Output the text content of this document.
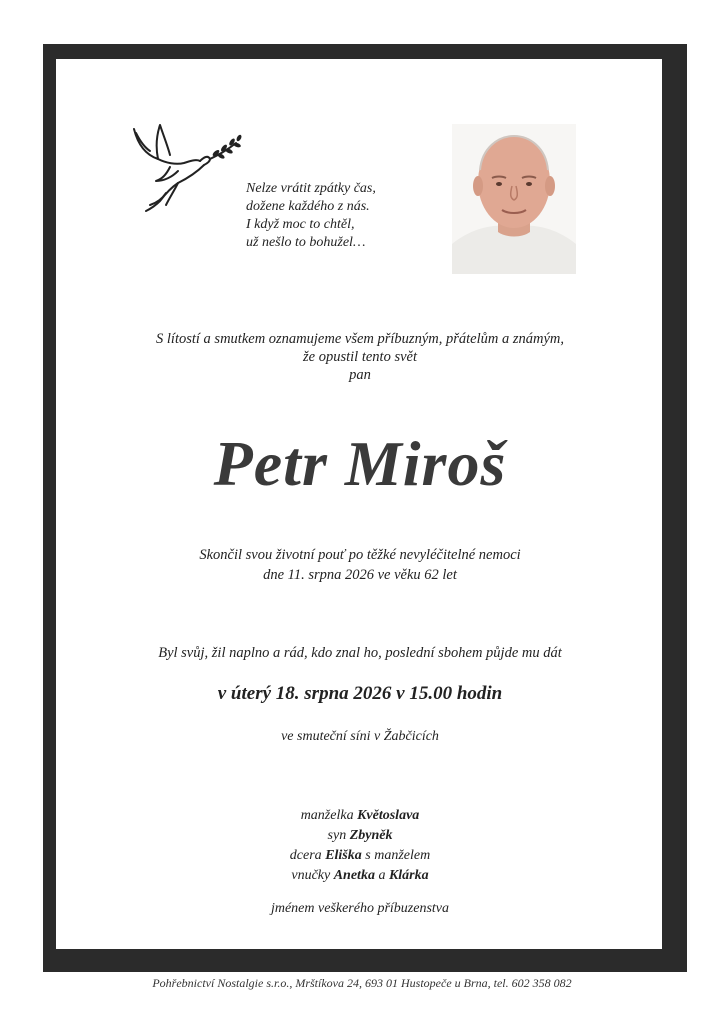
Nelze vrátit zpátky čas,
dožene každého z nás.
I když moc to chtěl,
už nešlo to bohužel…
S lítostí a smutkem oznamujeme všem příbuzným, přátelům a známým,
že opustil tento svět
pan
Petr Miroš
Skončil svou životní pouť po těžké nevyléčitelné nemoci
dne 11. srpna 2026 ve věku 62 let
Byl svůj, žil naplno a rád, kdo znal ho, poslední sbohem půjde mu dát
v úterý 18. srpna 2026 v 15.00 hodin
ve smuteční síni v Žabčicích
manželka Květoslava
syn Zbyněk
dcera Eliška s manželem
vnučky Anetka a Klárka
jménem veškerého příbuzenstva
Pohřebnictví Nostalgie s.r.o., Mrštíkova 24, 693 01 Hustopeče u Brna, tel. 602 358 082
